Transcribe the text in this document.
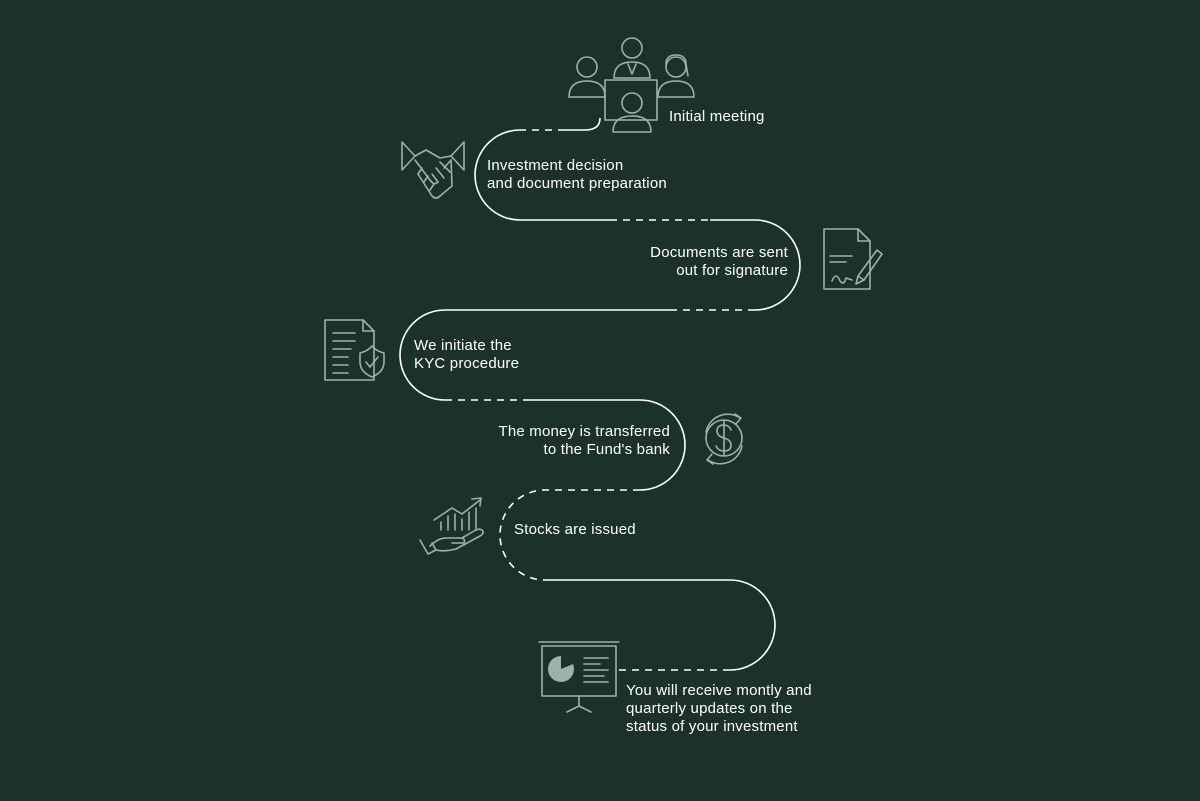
Initial meeting
Investment decision
and document preparation
Documents are sent
out for signature
We initiate the
KYC procedure
The money is transferred
to the Fund's bank
Stocks are issued
You will receive montly and
quarterly updates on the
status of your investment
